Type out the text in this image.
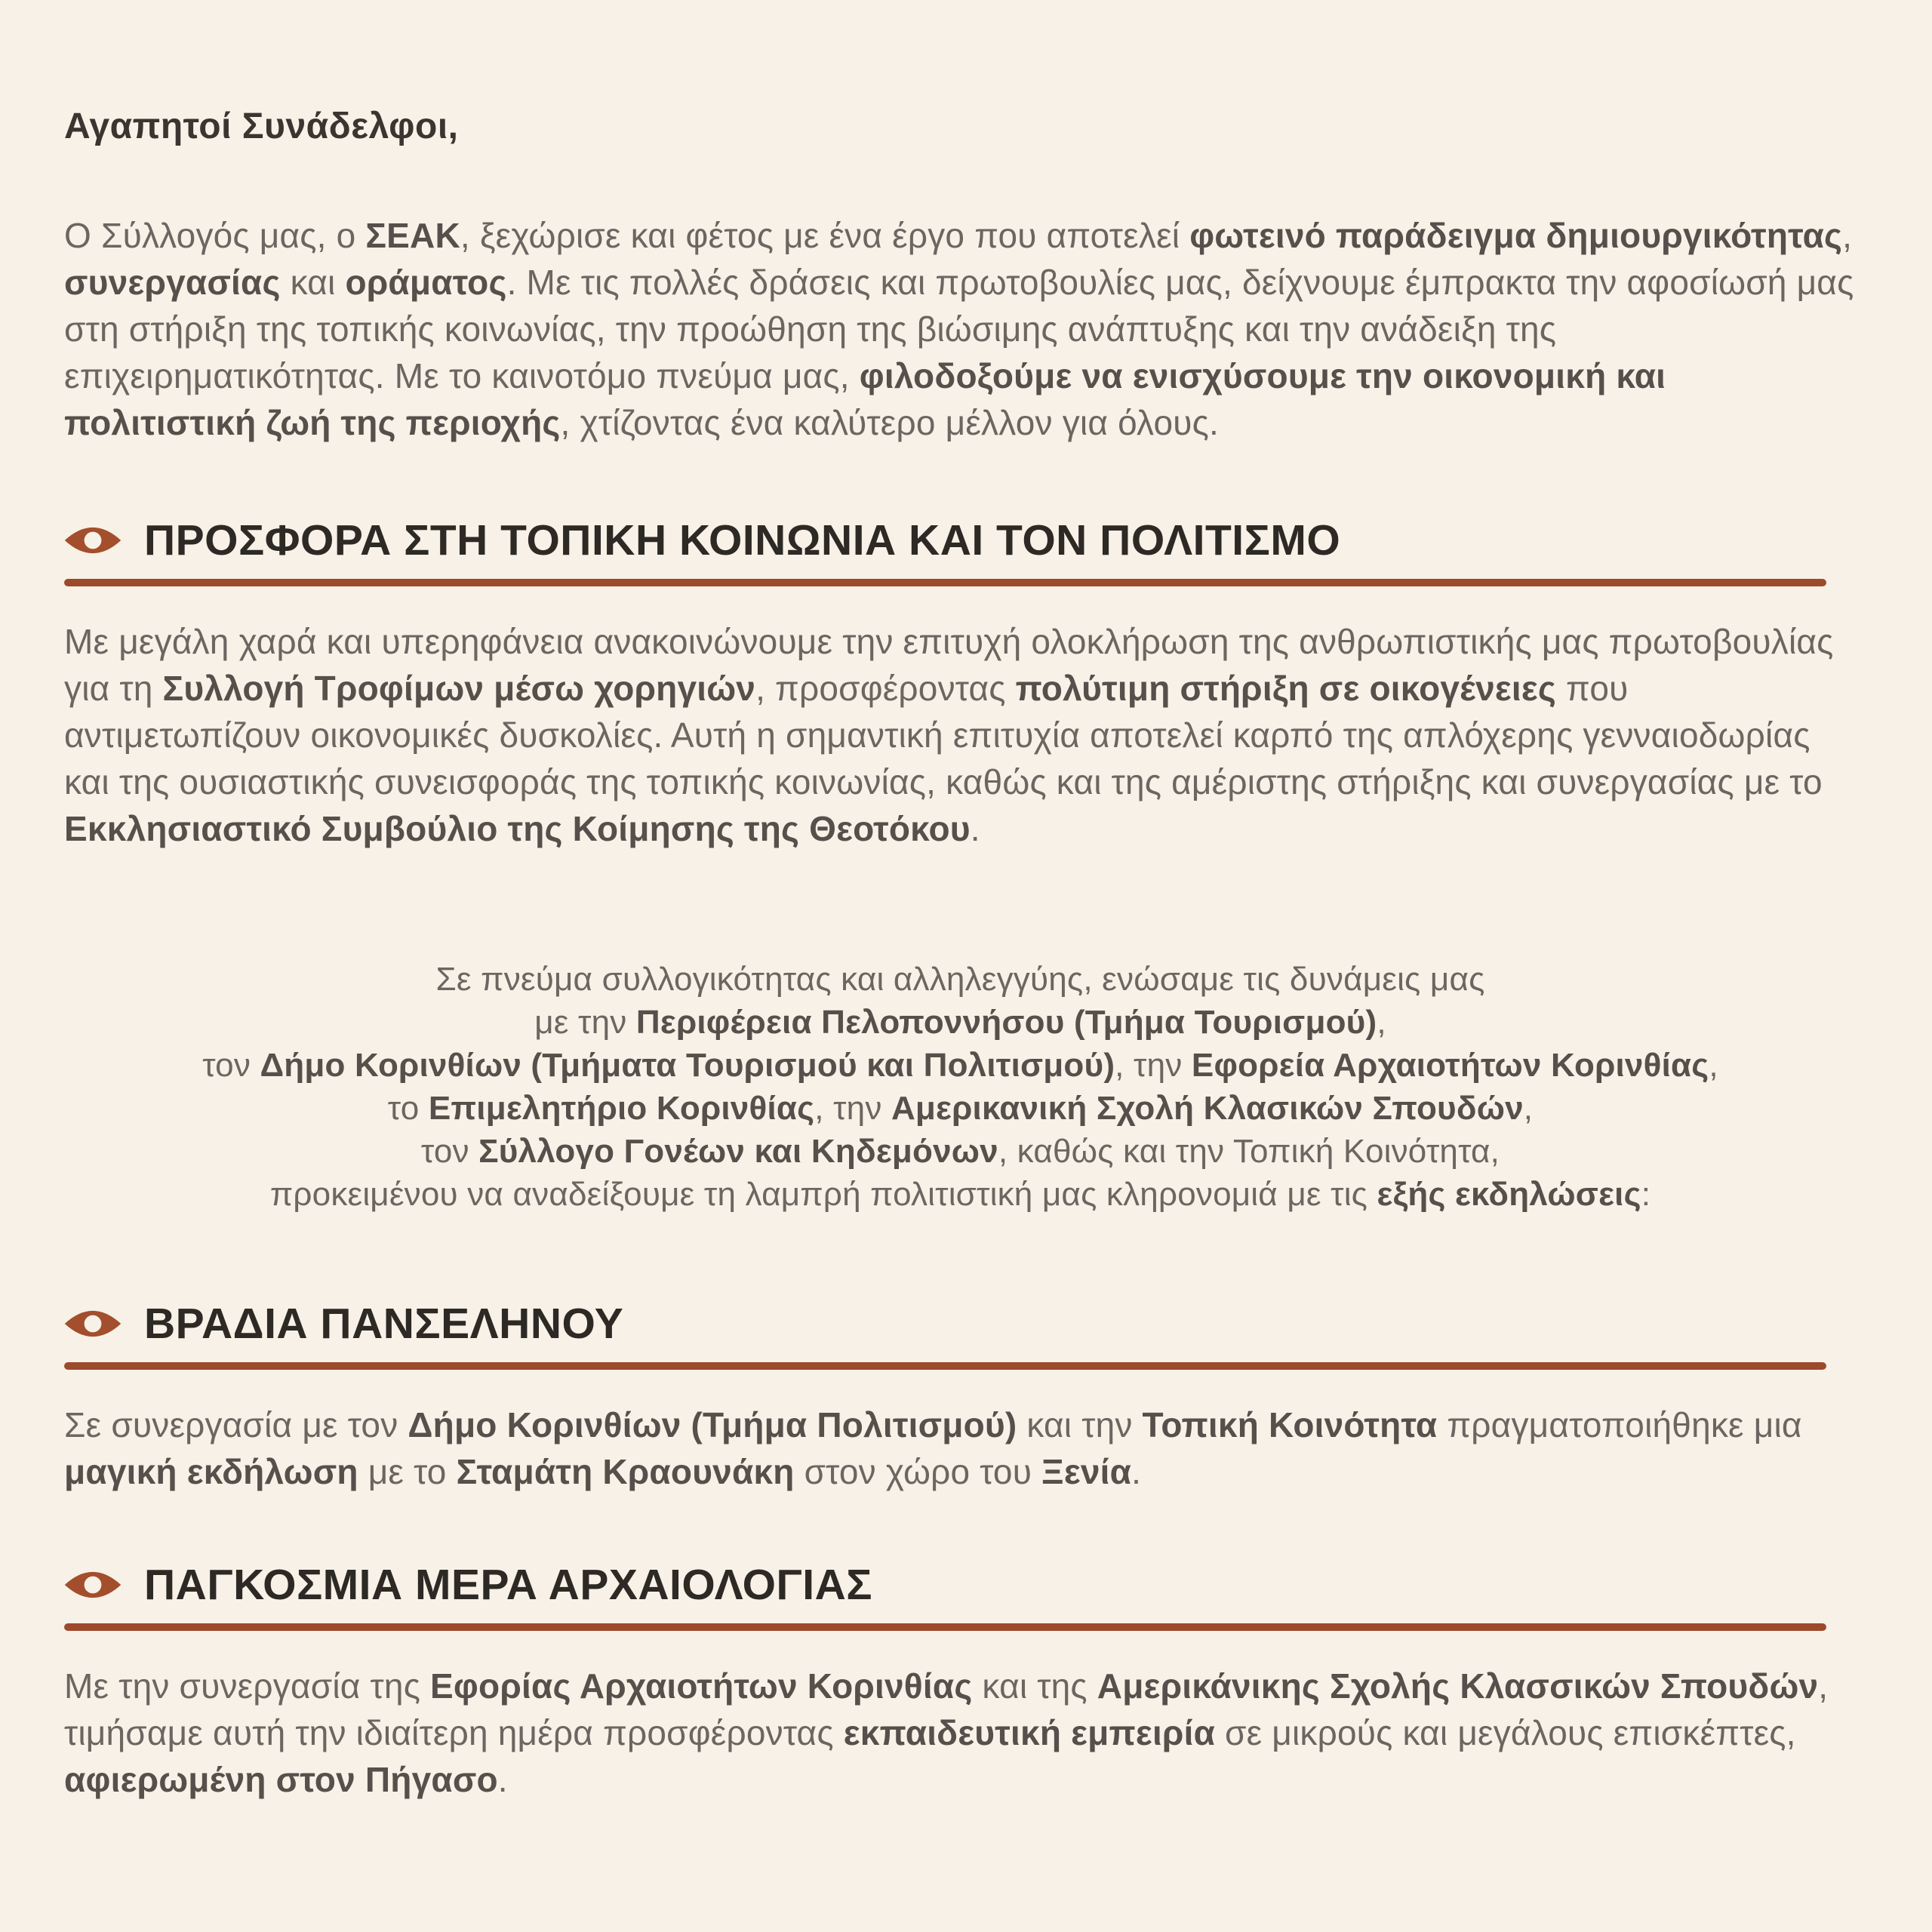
Αγαπητοί Συνάδελφοι,

Ο Σύλλογός μας, ο ΣΕΑΚ, ξεχώρισε και φέτος με ένα έργο που αποτελεί φωτεινό παράδειγμα δημιουργικότητας, συνεργασίας και οράματος. Με τις πολλές δράσεις και πρωτοβουλίες μας, δείχνουμε έμπρακτα την αφοσίωσή μας στη στήριξη της τοπικής κοινωνίας, την προώθηση της βιώσιμης ανάπτυξης και την ανάδειξη της επιχειρηματικότητας. Με το καινοτόμο πνεύμα μας, φιλοδοξούμε να ενισχύσουμε την οικονομική και πολιτιστική ζωή της περιοχής, χτίζοντας ένα καλύτερο μέλλον για όλους.

ΠΡΟΣΦΟΡΑ ΣΤΗ ΤΟΠΙΚΗ ΚΟΙΝΩΝΙΑ ΚΑΙ ΤΟΝ ΠΟΛΙΤΙΣΜΟ

Με μεγάλη χαρά και υπερηφάνεια ανακοινώνουμε την επιτυχή ολοκλήρωση της ανθρωπιστικής μας πρωτοβουλίας για τη Συλλογή Τροφίμων μέσω χορηγιών, προσφέροντας πολύτιμη στήριξη σε οικογένειες που αντιμετωπίζουν οικονομικές δυσκολίες. Αυτή η σημαντική επιτυχία αποτελεί καρπό της απλόχερης γενναιοδωρίας και της ουσιαστικής συνεισφοράς της τοπικής κοινωνίας, καθώς και της αμέριστης στήριξης και συνεργασίας με το Εκκλησιαστικό Συμβούλιο της Κοίμησης της Θεοτόκου.

Σε πνεύμα συλλογικότητας και αλληλεγγύης, ενώσαμε τις δυνάμεις μας
με την Περιφέρεια Πελοποννήσου (Τμήμα Τουρισμού),
τον Δήμο Κορινθίων (Τμήματα Τουρισμού και Πολιτισμού), την Εφορεία Αρχαιοτήτων Κορινθίας,
το Επιμελητήριο Κορινθίας, την Αμερικανική Σχολή Κλασικών Σπουδών,
τον Σύλλογο Γονέων και Κηδεμόνων, καθώς και την Τοπική Κοινότητα,
προκειμένου να αναδείξουμε τη λαμπρή πολιτιστική μας κληρονομιά με τις εξής εκδηλώσεις:
ΒΡΑΔΙΑ ΠΑΝΣΕΛΗΝΟΥ

Σε συνεργασία με τον Δήμο Κορινθίων (Τμήμα Πολιτισμού) και την Τοπική Κοινότητα πραγματοποιήθηκε μια μαγική εκδήλωση με το Σταμάτη Κραουνάκη στον χώρο του Ξενία.

ΠΑΓΚΟΣΜΙΑ ΜΕΡΑ ΑΡΧΑΙΟΛΟΓΙΑΣ

Με την συνεργασία της Εφορίας Αρχαιοτήτων Κορινθίας και της Αμερικάνικης Σχολής Κλασσικών Σπουδών, τιμήσαμε αυτή την ιδιαίτερη ημέρα προσφέροντας εκπαιδευτική εμπειρία σε μικρούς και μεγάλους επισκέπτες, αφιερωμένη στον Πήγασο.
